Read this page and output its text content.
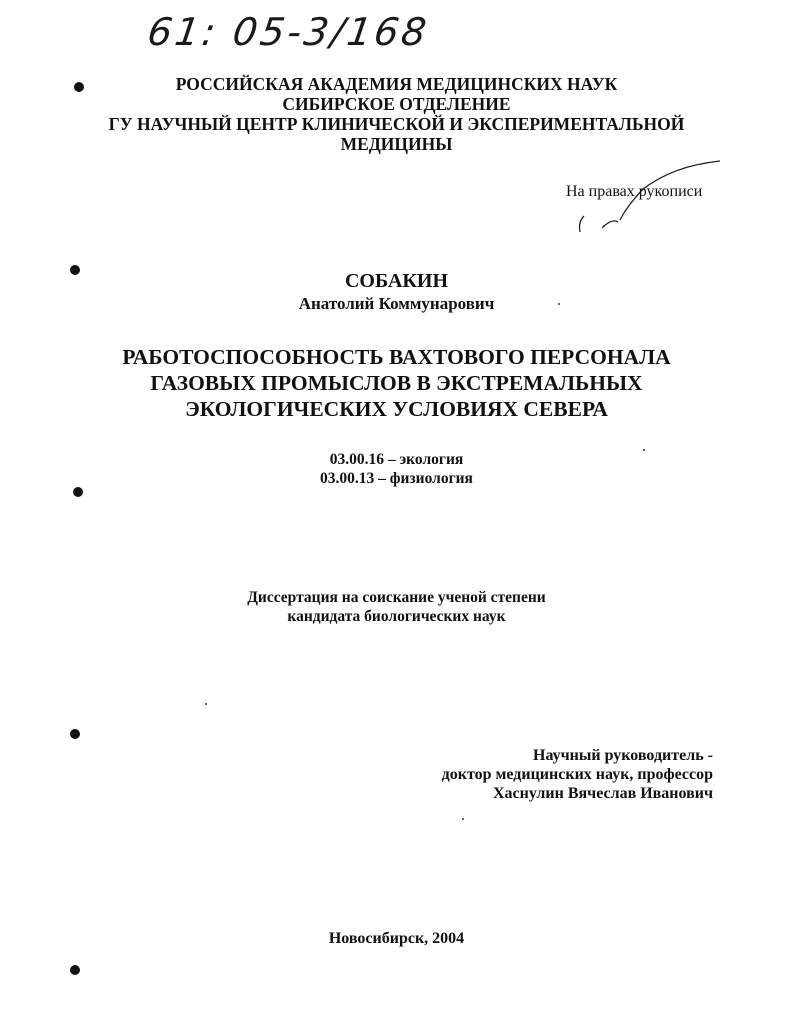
61: 05-3/168
РОССИЙСКАЯ АКАДЕМИЯ МЕДИЦИНСКИХ НАУК
СИБИРСКОЕ ОТДЕЛЕНИЕ
ГУ НАУЧНЫЙ ЦЕНТР КЛИНИЧЕСКОЙ И ЭКСПЕРИМЕНТАЛЬНОЙ
МЕДИЦИНЫ
На правах рукописи
СОБАКИН
Анатолий Коммунарович
РАБОТОСПОСОБНОСТЬ ВАХТОВОГО ПЕРСОНАЛА
ГАЗОВЫХ ПРОМЫСЛОВ В ЭКСТРЕМАЛЬНЫХ
ЭКОЛОГИЧЕСКИХ УСЛОВИЯХ СЕВЕРА
03.00.16 – экология
03.00.13 – физиология
Диссертация на соискание ученой степени
кандидата биологических наук
Научный руководитель -
доктор медицинских наук, профессор
Хаснулин Вячеслав Иванович
Новосибирск, 2004
